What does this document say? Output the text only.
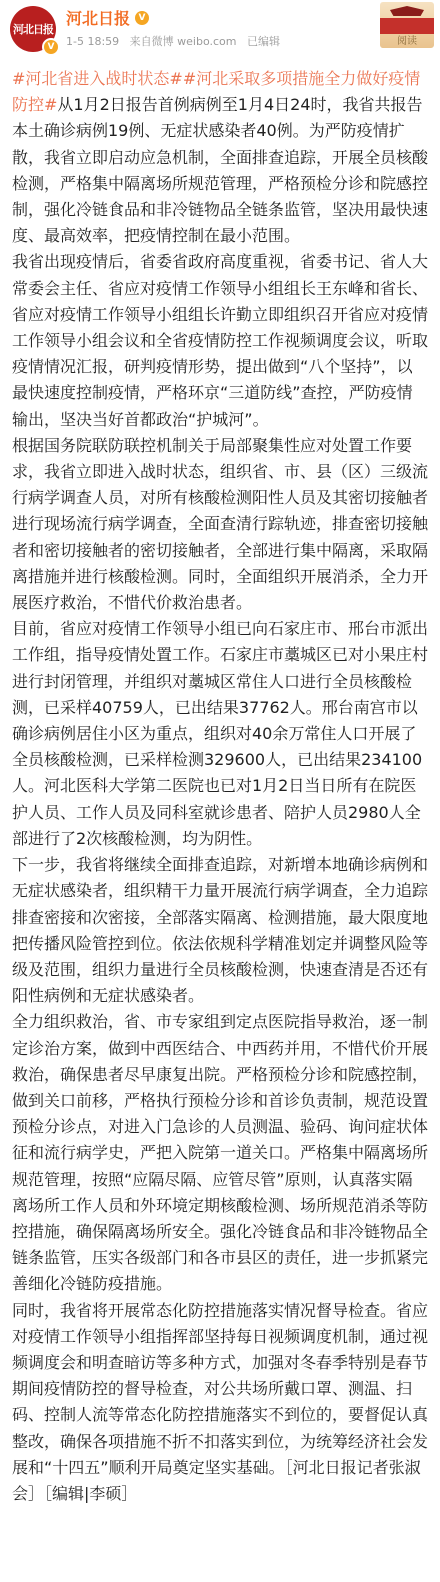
河北日报
V
河北日报 V
1-5 18:59 来自微博 weibo.com 已编辑	阅读

#河北省进入战时状态##河北采取多项措施全力做好疫情防控#从1月2日报告首例病例至1月4日24时，我省共报告本土确诊病例19例、无症状感染者40例。为严防疫情扩散，我省立即启动应急机制，全面排查追踪，开展全员核酸检测，严格集中隔离场所规范管理，严格预检分诊和院感控制，强化冷链食品和非冷链物品全链条监管，坚决用最快速度、最高效率，把疫情控制在最小范围。

我省出现疫情后，省委省政府高度重视，省委书记、省人大常委会主任、省应对疫情工作领导小组组长王东峰和省长、省应对疫情工作领导小组组长许勤立即组织召开省应对疫情工作领导小组会议和全省疫情防控工作视频调度会议，听取疫情情况汇报，研判疫情形势，提出做到“八个坚持”，以最快速度控制疫情，严格环京“三道防线”查控，严防疫情输出，坚决当好首都政治“护城河”。

根据国务院联防联控机制关于局部聚集性应对处置工作要求，我省立即进入战时状态，组织省、市、县（区）三级流行病学调查人员，对所有核酸检测阳性人员及其密切接触者进行现场流行病学调查，全面查清行踪轨迹，排查密切接触者和密切接触者的密切接触者，全部进行集中隔离，采取隔离措施并进行核酸检测。同时，全面组织开展消杀，全力开展医疗救治，不惜代价救治患者。

目前，省应对疫情工作领导小组已向石家庄市、邢台市派出工作组，指导疫情处置工作。石家庄市藁城区已对小果庄村进行封闭管理，并组织对藁城区常住人口进行全员核酸检测，已采样40759人，已出结果37762人。邢台南宫市以确诊病例居住小区为重点，组织对40余万常住人口开展了全员核酸检测，已采样检测329600人，已出结果234100人。河北医科大学第二医院也已对1月2日当日所有在院医护人员、工作人员及同科室就诊患者、陪护人员2980人全部进行了2次核酸检测，均为阴性。

下一步，我省将继续全面排查追踪，对新增本地确诊病例和无症状感染者，组织精干力量开展流行病学调查，全力追踪排查密接和次密接，全部落实隔离、检测措施，最大限度地把传播风险管控到位。依法依规科学精准划定并调整风险等级及范围，组织力量进行全员核酸检测，快速查清是否还有阳性病例和无症状感染者。

全力组织救治，省、市专家组到定点医院指导救治，逐一制定诊治方案，做到中西医结合、中西药并用，不惜代价开展救治，确保患者尽早康复出院。严格预检分诊和院感控制，做到关口前移，严格执行预检分诊和首诊负责制，规范设置预检分诊点，对进入门急诊的人员测温、验码、询问症状体征和流行病学史，严把入院第一道关口。严格集中隔离场所规范管理，按照“应隔尽隔、应管尽管”原则，认真落实隔离场所工作人员和外环境定期核酸检测、场所规范消杀等防控措施，确保隔离场所安全。强化冷链食品和非冷链物品全链条监管，压实各级部门和各市县区的责任，进一步抓紧完善细化冷链防疫措施。

同时，我省将开展常态化防控措施落实情况督导检查。省应对疫情工作领导小组指挥部坚持每日视频调度机制，通过视频调度会和明查暗访等多种方式，加强对冬春季特别是春节期间疫情防控的督导检查，对公共场所戴口罩、测温、扫码、控制人流等常态化防控措施落实不到位的，要督促认真整改，确保各项措施不折不扣落实到位，为统筹经济社会发展和“十四五”顺利开局奠定坚实基础。［河北日报记者张淑会］［编辑|李硕］
